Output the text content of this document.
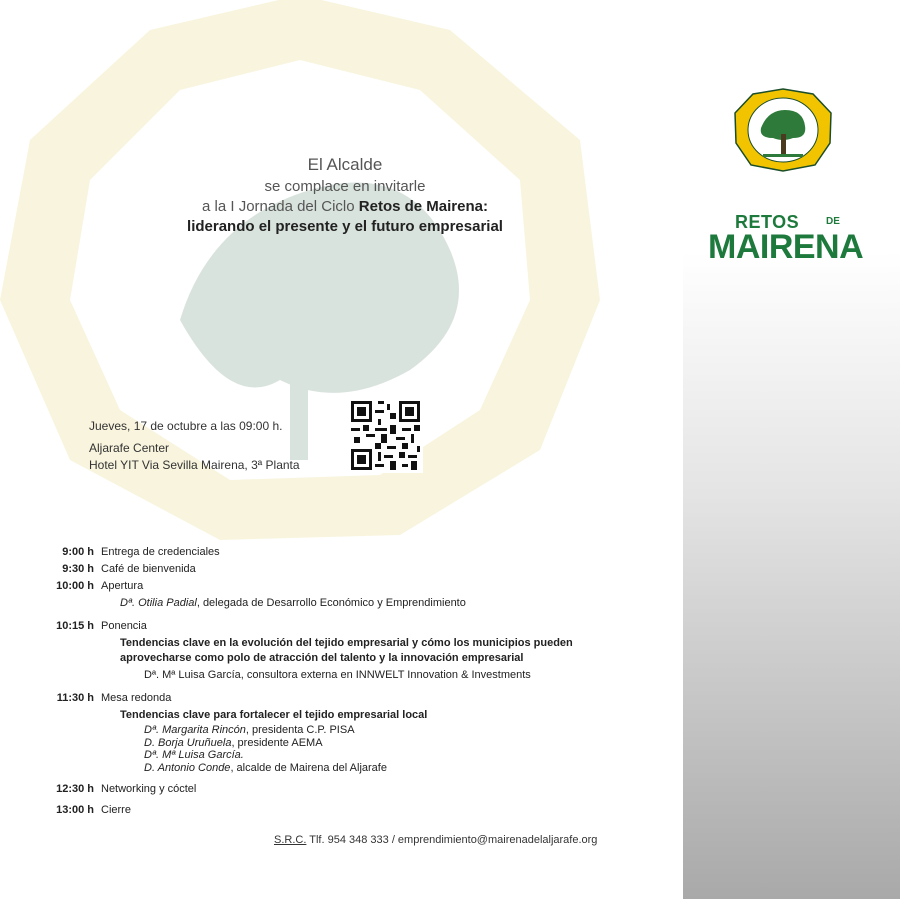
RETOS	DE
MAIRENA
El Alcalde
se complace en invitarle
a la I Jornada del Ciclo Retos de Mairena:
liderando el presente y el futuro empresarial
Jueves, 17 de octubre a las 09:00 h.
Aljarafe Center
Hotel YIT Via Sevilla Mairena, 3ª Planta
9:00 h Entrega de credenciales
9:30 h Café de bienvenida
10:00 h Apertura
Dª. Otilia Padial, delegada de Desarrollo Económico y Emprendimiento
10:15 h Ponencia
Tendencias clave en la evolución del tejido empresarial y cómo los municipios pueden
aprovecharse como polo de atracción del talento y la innovación empresarial
Dª. Mª Luisa García, consultora externa en INNWELT Innovation & Investments
11:30 h Mesa redonda
Tendencias clave para fortalecer el tejido empresarial local
Dª. Margarita Rincón, presidenta C.P. PISA
D. Borja Uruñuela, presidente AEMA
Dª. Mª Luisa García.
D. Antonio Conde, alcalde de Mairena del Aljarafe
12:30 h Networking y cóctel
13:00 h Cierre
S.R.C. Tlf. 954 348 333 / emprendimiento@mairenadelaljarafe.org
